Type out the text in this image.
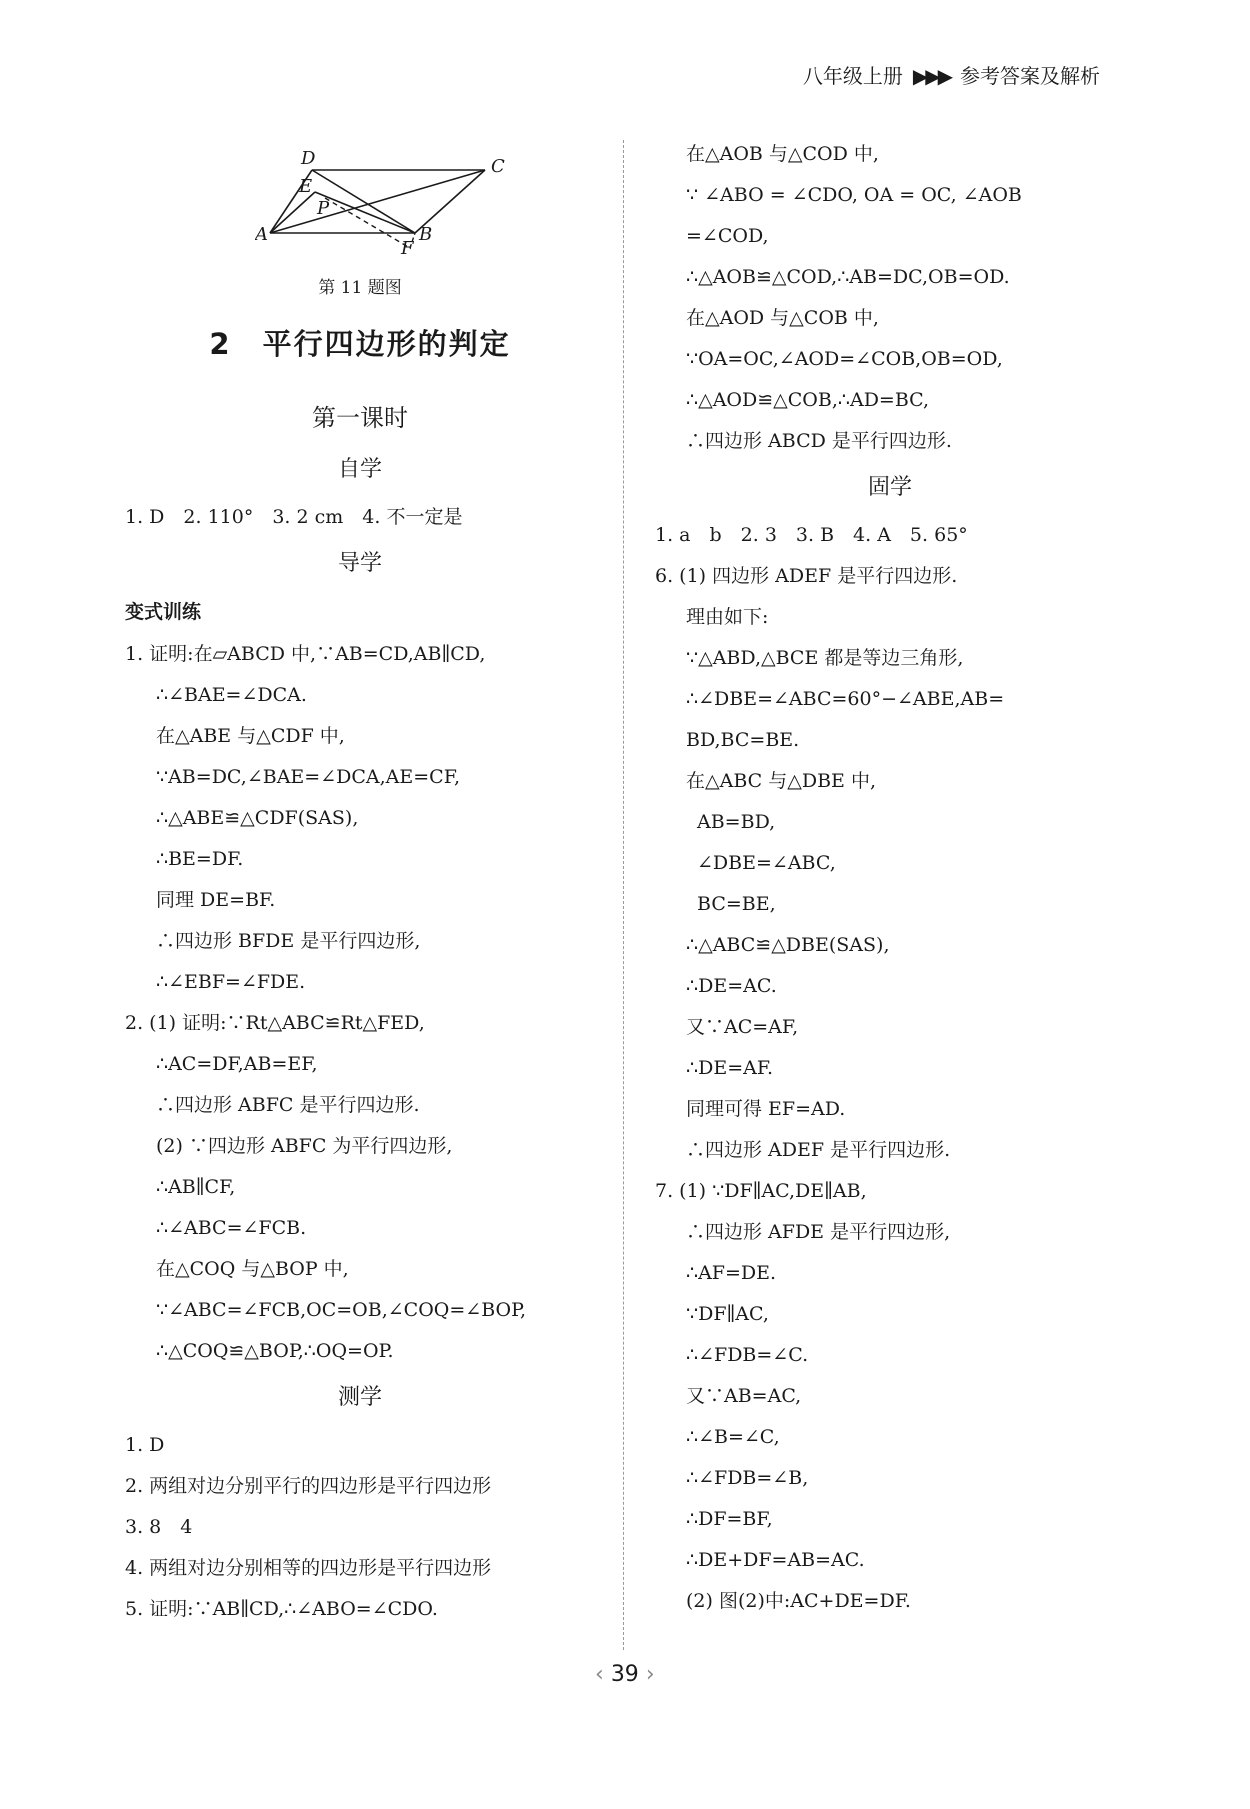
八年级上册 ▶▶▶ 参考答案及解析
D	C
E
P
A	B
F
第 11 题图
2　平行四边形的判定
第一课时
自学
1. D　2. 110°　3. 2 cm　4. 不一定是
导学
变式训练
1. 证明:在▱ABCD 中,∵AB=CD,AB∥CD,
∴∠BAE=∠DCA.
在△ABE 与△CDF 中,
∵AB=DC,∠BAE=∠DCA,AE=CF,
∴△ABE≌△CDF(SAS),
∴BE=DF.
同理 DE=BF.
∴四边形 BFDE 是平行四边形,
∴∠EBF=∠FDE.
2. (1) 证明:∵Rt△ABC≌Rt△FED,
∴AC=DF,AB=EF,
∴四边形 ABFC 是平行四边形.
(2) ∵四边形 ABFC 为平行四边形,
∴AB∥CF,
∴∠ABC=∠FCB.
在△COQ 与△BOP 中,
∵∠ABC=∠FCB,OC=OB,∠COQ=∠BOP,
∴△COQ≌△BOP,∴OQ=OP.
测学
1. D
2. 两组对边分别平行的四边形是平行四边形
3. 8　4
4. 两组对边分别相等的四边形是平行四边形
5. 证明:∵AB∥CD,∴∠ABO=∠CDO.
在△AOB 与△COD 中,
∵ ∠ABO = ∠CDO, OA = OC, ∠AOB
=∠COD,
∴△AOB≌△COD,∴AB=DC,OB=OD.
在△AOD 与△COB 中,
∵OA=OC,∠AOD=∠COB,OB=OD,
∴△AOD≌△COB,∴AD=BC,
∴四边形 ABCD 是平行四边形.
固学
1. a　b　2. 3　3. B　4. A　5. 65°
6. (1) 四边形 ADEF 是平行四边形.
理由如下:
∵△ABD,△BCE 都是等边三角形,
∴∠DBE=∠ABC=60°−∠ABE,AB=
BD,BC=BE.
在△ABC 与△DBE 中,
AB=BD,
∠DBE=∠ABC,
BC=BE,
∴△ABC≌△DBE(SAS),
∴DE=AC.
又∵AC=AF,
∴DE=AF.
同理可得 EF=AD.
∴四边形 ADEF 是平行四边形.
7. (1) ∵DF∥AC,DE∥AB,
∴四边形 AFDE 是平行四边形,
∴AF=DE.
∵DF∥AC,
∴∠FDB=∠C.
又∵AB=AC,
∴∠B=∠C,
∴∠FDB=∠B,
∴DF=BF,
∴DE+DF=AB=AC.
(2) 图(2)中:AC+DE=DF.
‹ 39 ›
